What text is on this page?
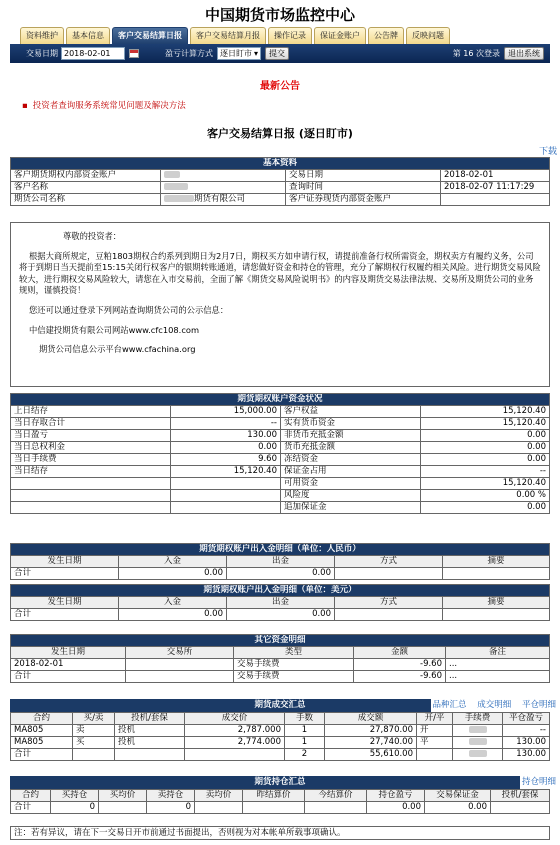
中国期货市场监控中心
资料维护	基本信息	客户交易结算日报	客户交易结算月报	操作记录	保证金账户	公告牌	反映问题
交易日期 2018-02-01	盈亏计算方式 逐日盯市 ▾	提交	第 16 次登录	退出系统
最新公告
▪ 投资者查询服务系统常见问题及解决方法
客户交易结算日报 (逐日盯市)
下载
基本资料			
客户期货期权内部资金账户		交易日期	2018-02-01
客户名称		查询时间	2018-02-07 11:17:29
期货公司名称	期货有限公司	客户证券现货内部资金账户	

尊敬的投资者：

根据大商所规定，豆粕1803期权合约系列到期日为2月7日，期权买方如申请行权，请提前准备行权所需资金，期权卖方有履约义务，公司将于到期日当天提前至15:15关闭行权客户的银期转账通道，请您做好资金和持仓的管理，充分了解期权行权履约相关风险。进行期货交易风险较大，进行期权交易风险较大，请您在入市交易前，全面了解《期货交易风险说明书》的内容及期货交易法律法规、交易所及期货公司的业务规则，谨慎投资！

您还可以通过登录下列网站查询期货公司的公示信息：

中信建投期货有限公司网站www.cfc108.com

期货公司信息公示平台www.cfachina.org

期货期权账户资金状况			
上日结存	15,000.00	客户权益	15,120.40
当日存取合计	--	实有货币资金	15,120.40
当日盈亏	130.00	非货币充抵金额	0.00
当日总权利金	0.00	货币充抵金额	0.00
当日手续费	9.60	冻结资金	0.00
当日结存	15,120.40	保证金占用	--
		可用资金	15,120.40
		风险度	0.00 %
		追加保证金	0.00
期货期权账户出入金明细（单位：人民币）				
发生日期	入金	出金	方式	摘要
合计	0.00	0.00		
期货期权账户出入金明细（单位：美元）				
发生日期	入金	出金	方式	摘要
合计	0.00	0.00		
其它资金明细				
发生日期	交易所	类型	金额	备注
2018-02-01		交易手续费	-9.60	...
合计		交易手续费	-9.60	...
期货成交汇总	品种汇总 成交明细 平仓明细
合约	买/卖	投机/套保	成交价	手数	成交额	开/平	手续费	平仓盈亏
MA805	卖	投机	2,787.000	1	27,870.00	开		--
MA805	买	投机	2,774.000	1	27,740.00	平		130.00
合计				2	55,610.00			130.00
期货持仓汇总	持仓明细
合约	买持仓	买均价	卖持仓	卖均价	昨结算价	今结算价	持仓盈亏	交易保证金	投机/套保
合计	0		0				0.00	0.00	
注：若有异议，请在下一交易日开市前通过书面提出，否则视为对本帐单所载事项确认。
